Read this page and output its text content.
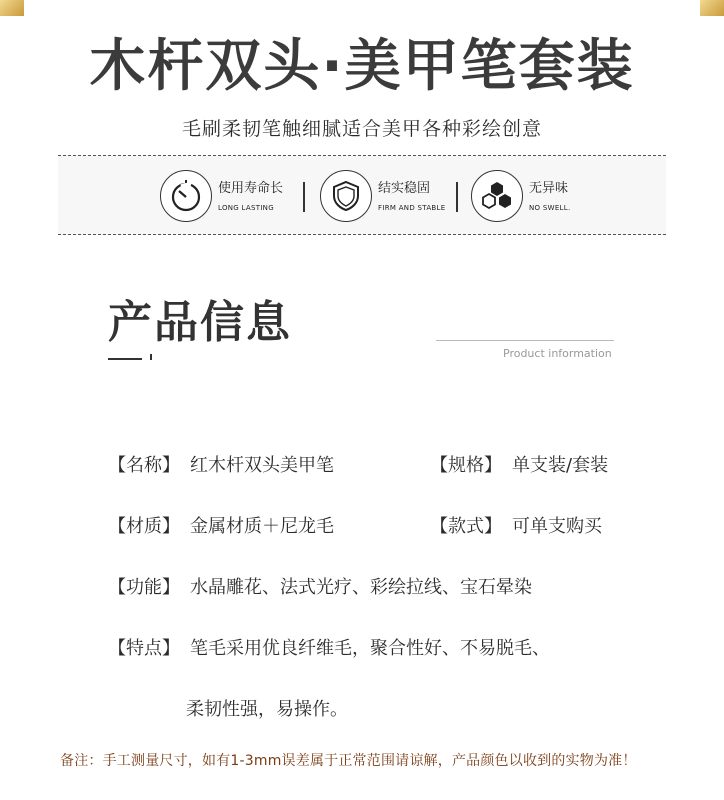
木杆双头·美甲笔套装
毛刷柔韧笔触细腻适合美甲各种彩绘创意
使用寿命长
LONG LASTING
结实稳固
FIRM AND STABLE
无异味
NO SWELL.
产品信息
Product information
【名称】 红木杆双头美甲笔	【规格】 单支装/套装
【材质】 金属材质＋尼龙毛	【款式】 可单支购买
【功能】 水晶雕花、法式光疗、彩绘拉线、宝石晕染
【特点】 笔毛采用优良纤维毛，聚合性好、不易脱毛、
柔韧性强，易操作。
备注：手工测量尺寸，如有1-3mm误差属于正常范围请谅解，产品颜色以收到的实物为准！
